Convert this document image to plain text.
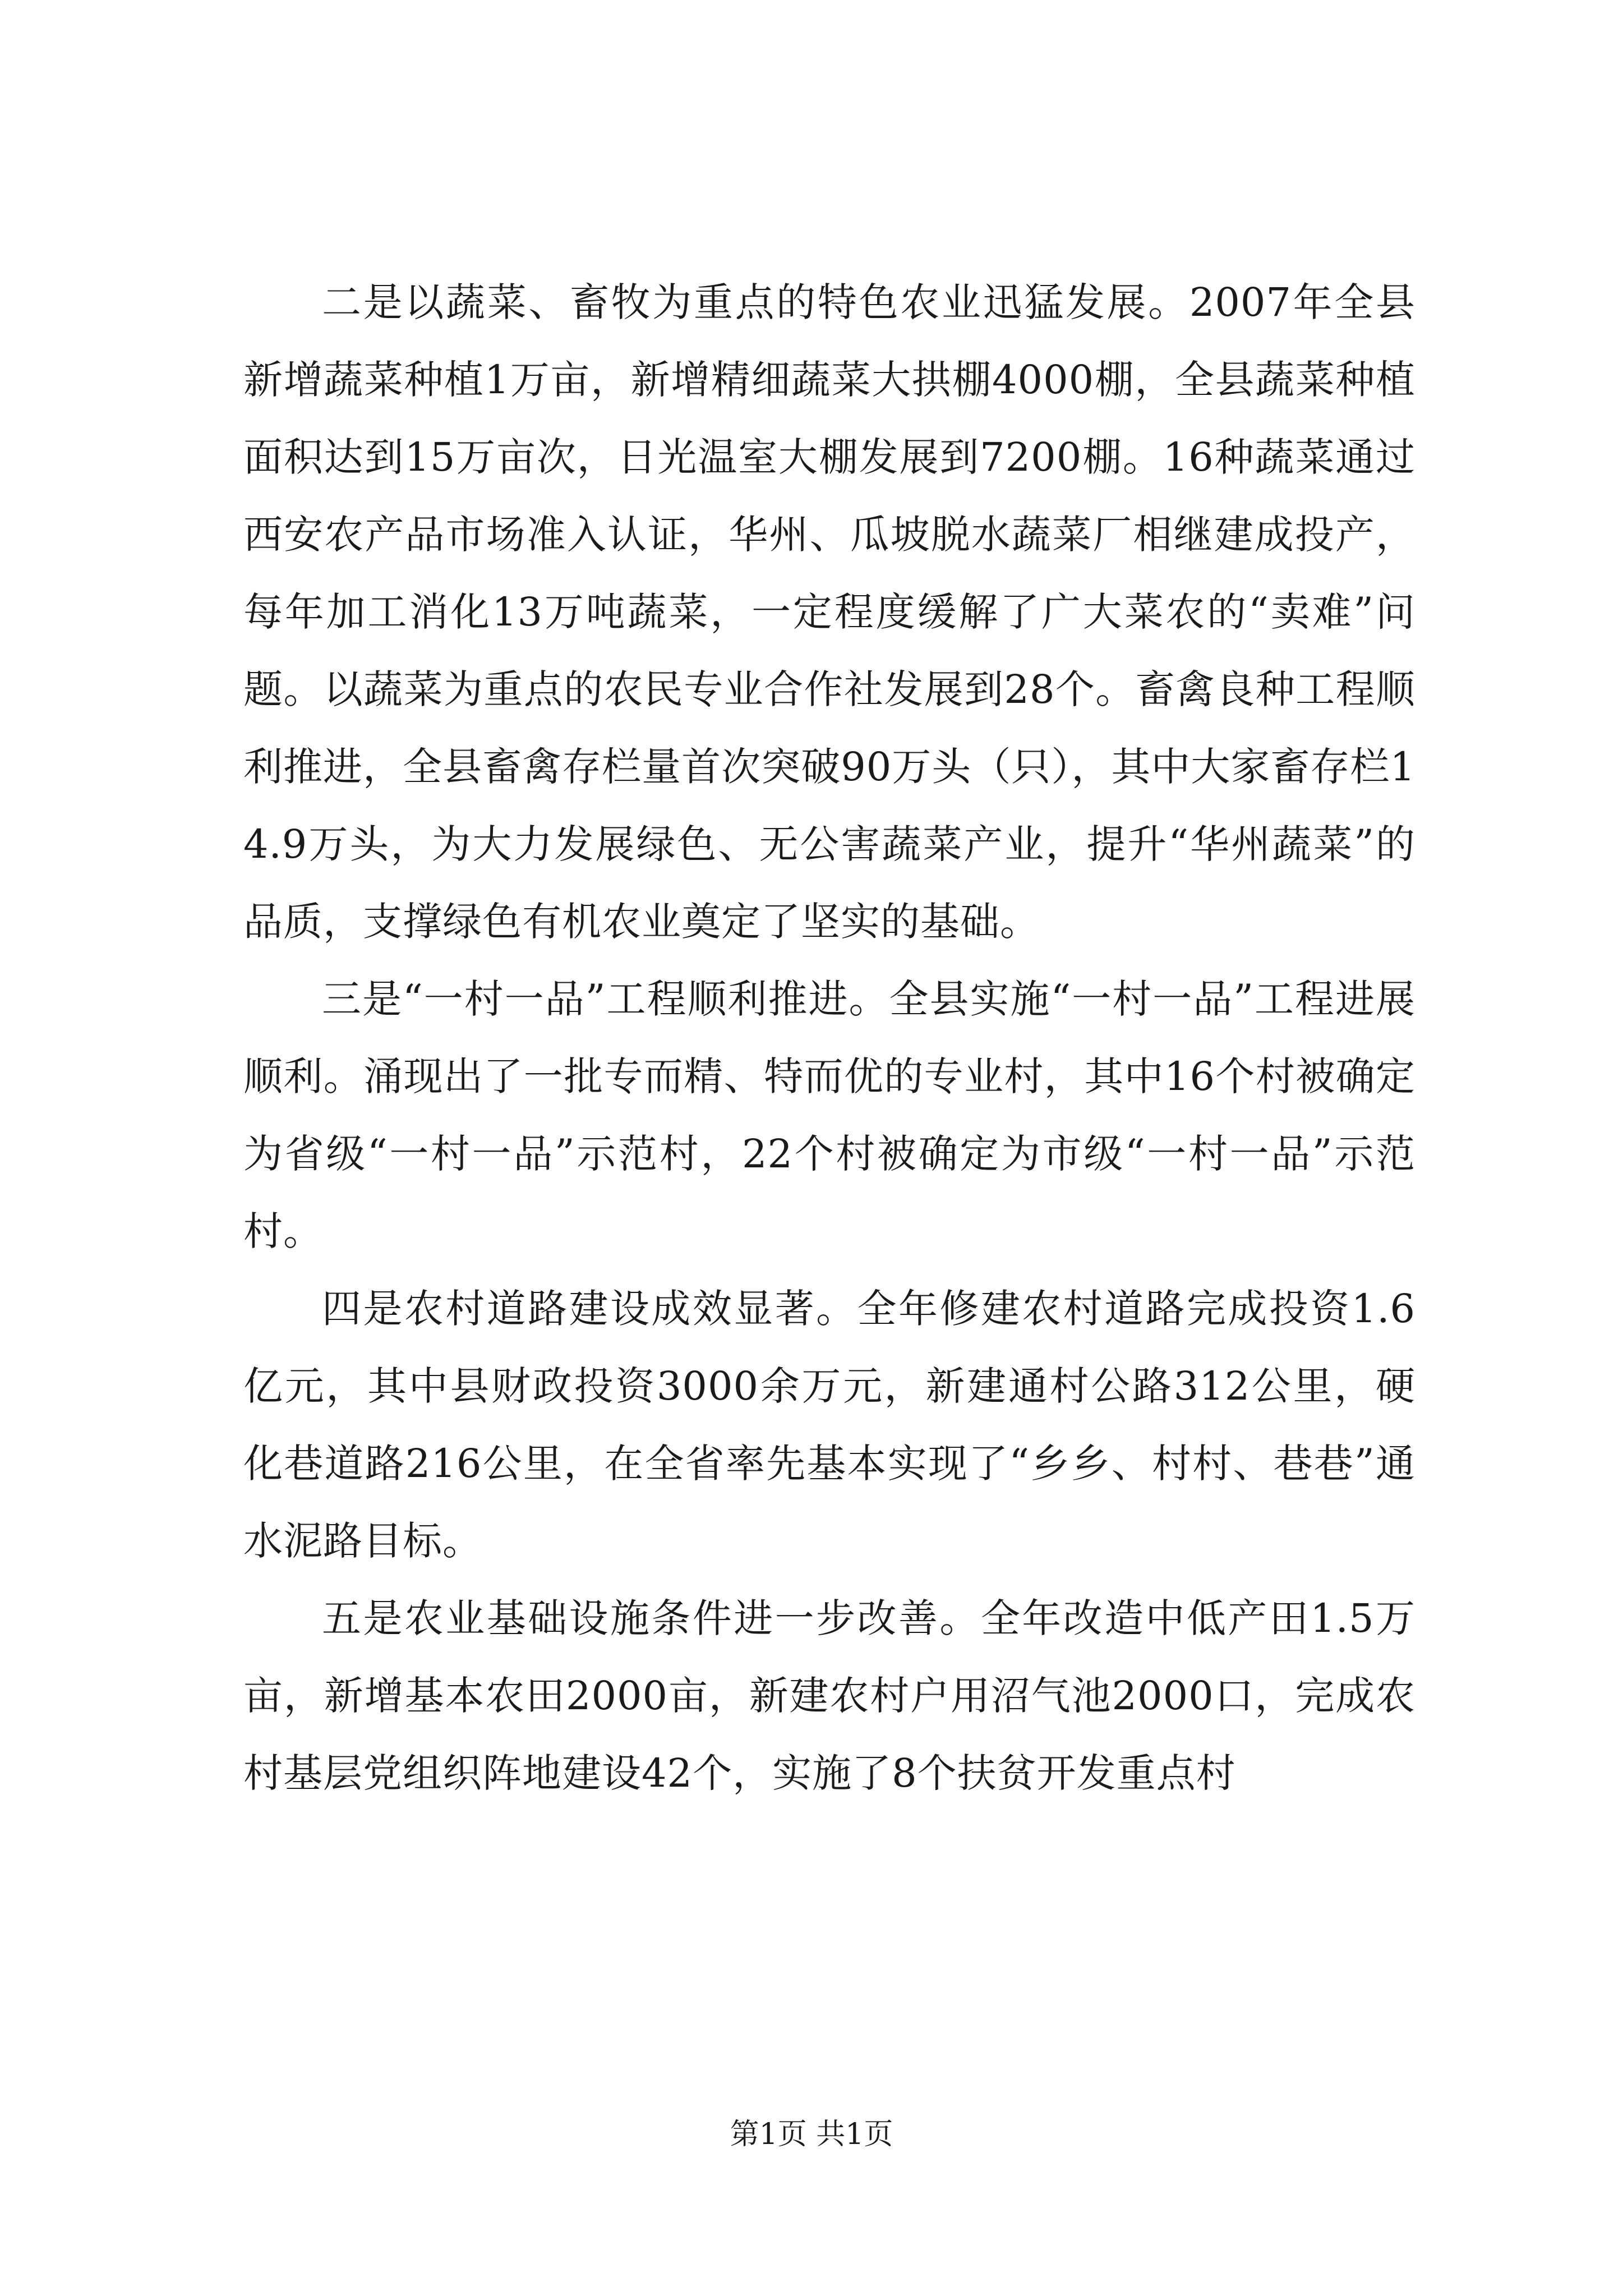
二是以蔬菜、畜牧为重点的特色农业迅猛发展。2007年全县新增蔬菜种植1万亩，新增精细蔬菜大拱棚4000棚，全县蔬菜种植面积达到15万亩次，日光温室大棚发展到7200棚。16种蔬菜通过西安农产品市场准入认证，华州、瓜坡脱水蔬菜厂相继建成投产，每年加工消化13万吨蔬菜，一定程度缓解了广大菜农的“卖难”问题。以蔬菜为重点的农民专业合作社发展到28个。畜禽良种工程顺利推进，全县畜禽存栏量首次突破90万头（只），其中大家畜存栏14.9万头，为大力发展绿色、无公害蔬菜产业，提升“华州蔬菜”的品质，支撑绿色有机农业奠定了坚实的基础。

三是“一村一品”工程顺利推进。全县实施“一村一品”工程进展顺利。涌现出了一批专而精、特而优的专业村，其中16个村被确定为省级“一村一品”示范村，22个村被确定为市级“一村一品”示范村。

四是农村道路建设成效显著。全年修建农村道路完成投资1.6亿元，其中县财政投资3000余万元，新建通村公路312公里，硬化巷道路216公里，在全省率先基本实现了“乡乡、村村、巷巷”通水泥路目标。

五是农业基础设施条件进一步改善。全年改造中低产田1.5万亩，新增基本农田2000亩，新建农村户用沼气池2000口，完成农村基层党组织阵地建设42个，实施了8个扶贫开发重点村

第1页 共1页
